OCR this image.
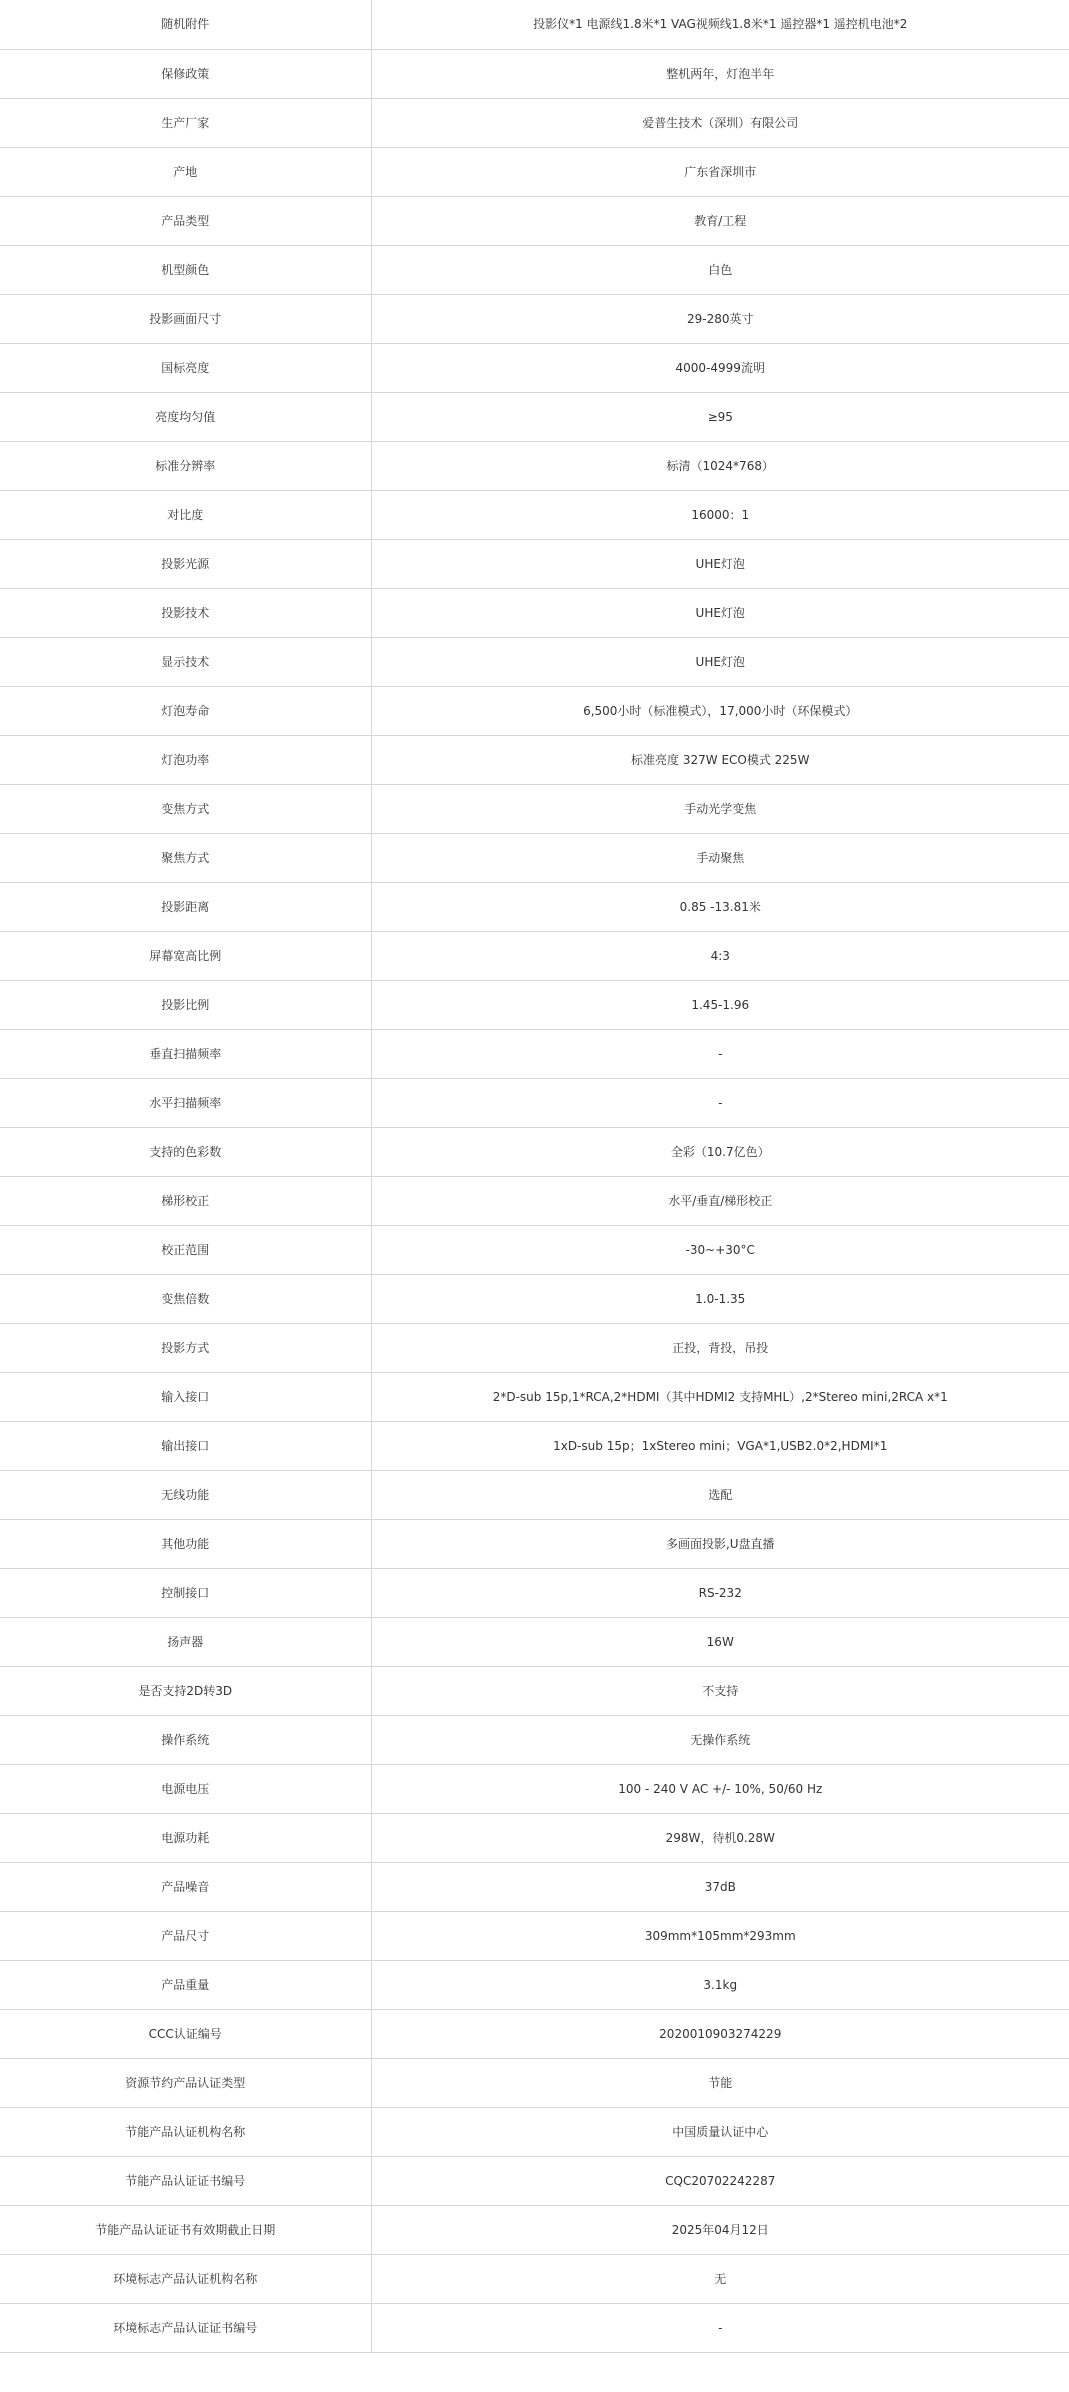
随机附件	投影仪*1 电源线1.8米*1 VAG视频线1.8米*1 遥控器*1 遥控机电池*2
保修政策	整机两年，灯泡半年
生产厂家	爱普生技术（深圳）有限公司
产地	广东省深圳市
产品类型	教育/工程
机型颜色	白色
投影画面尺寸	29-280英寸
国标亮度	4000-4999流明
亮度均匀值	≥95
标准分辨率	标清（1024*768）
对比度	16000：1
投影光源	UHE灯泡
投影技术	UHE灯泡
显示技术	UHE灯泡
灯泡寿命	6,500小时（标准模式），17,000小时（环保模式）
灯泡功率	标准亮度 327W ECO模式 225W
变焦方式	手动光学变焦
聚焦方式	手动聚焦
投影距离	0.85 -13.81米
屏幕宽高比例	4:3
投影比例	1.45-1.96
垂直扫描频率	-
水平扫描频率	-
支持的色彩数	全彩（10.7亿色）
梯形校正	水平/垂直/梯形校正
校正范围	-30~+30°C
变焦倍数	1.0-1.35
投影方式	正投，背投，吊投
输入接口	2*D-sub 15p,1*RCA,2*HDMI（其中HDMI2 支持MHL）,2*Stereo mini,2RCA x*1
输出接口	1xD-sub 15p；1xStereo mini；VGA*1,USB2.0*2,HDMI*1
无线功能	选配
其他功能	多画面投影,U盘直播
控制接口	RS-232
扬声器	16W
是否支持2D转3D	不支持
操作系统	无操作系统
电源电压	100 - 240 V AC +/- 10%, 50/60 Hz
电源功耗	298W，待机0.28W
产品噪音	37dB
产品尺寸	309mm*105mm*293mm
产品重量	3.1kg
CCC认证编号	2020010903274229
资源节约产品认证类型	节能
节能产品认证机构名称	中国质量认证中心
节能产品认证证书编号	CQC20702242287
节能产品认证证书有效期截止日期	2025年04月12日
环境标志产品认证机构名称	无
环境标志产品认证证书编号	-
